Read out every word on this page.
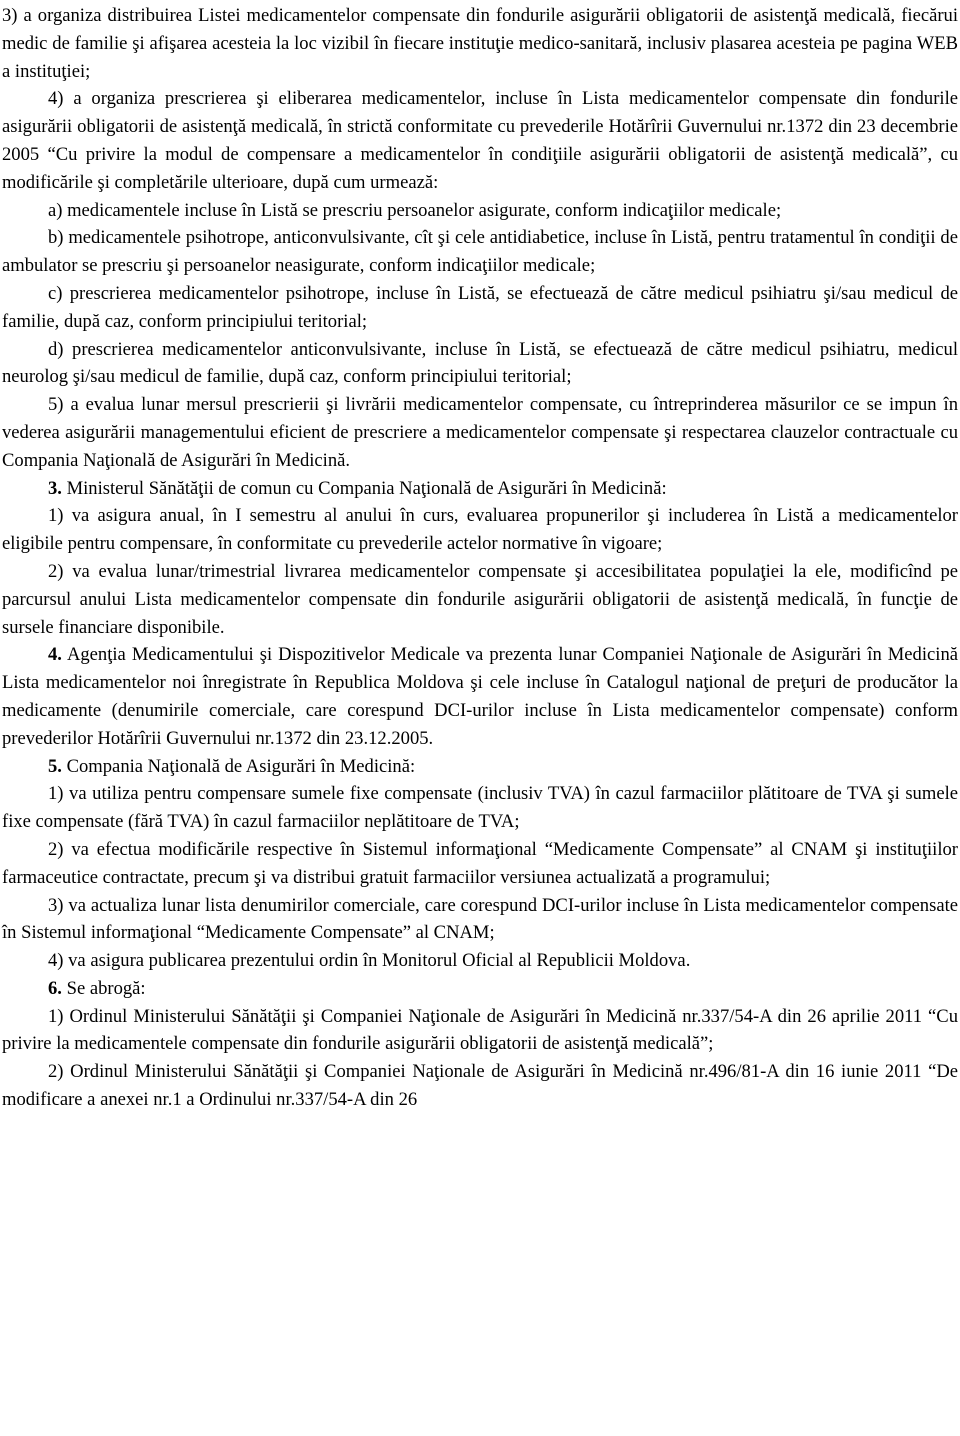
3) a organiza distribuirea Listei medicamentelor compensate din fondurile asigurării obligatorii de asistenţă medicală, fiecărui medic de familie şi afişarea acesteia la loc vizibil în fiecare instituţie medico-sanitară, inclusiv plasarea acesteia pe pagina WEB a instituţiei;

4) a organiza prescrierea şi eliberarea medicamentelor, incluse în Lista medicamentelor compensate din fondurile asigurării obligatorii de asistenţă medicală, în strictă conformitate cu prevederile Hotărîrii Guvernului nr.1372 din 23 decembrie 2005 “Cu privire la modul de compensare a medicamentelor în condiţiile asigurării obligatorii de asistenţă medicală”, cu modificările şi completările ulterioare, după cum urmează:

a) medicamentele incluse în Listă se prescriu persoanelor asigurate, conform indicaţiilor medicale;

b) medicamentele psihotrope, anticonvulsivante, cît şi cele antidiabetice, incluse în Listă, pentru tratamentul în condiţii de ambulator se prescriu şi persoanelor neasigurate, conform indicaţiilor medicale;

c) prescrierea medicamentelor psihotrope, incluse în Listă, se efectuează de către medicul psihiatru şi/sau medicul de familie, după caz, conform principiului teritorial;

d) prescrierea medicamentelor anticonvulsivante, incluse în Listă, se efectuează de către medicul psihiatru, medicul neurolog şi/sau medicul de familie, după caz, conform principiului teritorial;

5) a evalua lunar mersul prescrierii şi livrării medicamentelor compensate, cu întreprinderea măsurilor ce se impun în vederea asigurării managementului eficient de prescriere a medicamentelor compensate şi respectarea clauzelor contractuale cu Compania Naţională de Asigurări în Medicină.

3. Ministerul Sănătăţii de comun cu Compania Naţională de Asigurări în Medicină:

1) va asigura anual, în I semestru al anului în curs, evaluarea propunerilor şi includerea în Listă a medicamentelor eligibile pentru compensare, în conformitate cu prevederile actelor normative în vigoare;

2) va evalua lunar/trimestrial livrarea medicamentelor compensate şi accesibilitatea populaţiei la ele, modificînd pe parcursul anului Lista medicamentelor compensate din fondurile asigurării obligatorii de asistenţă medicală, în funcţie de sursele financiare disponibile.

4. Agenţia Medicamentului şi Dispozitivelor Medicale va prezenta lunar Companiei Naţionale de Asigurări în Medicină Lista medicamentelor noi înregistrate în Republica Moldova şi cele incluse în Catalogul naţional de preţuri de producător la medicamente (denumirile comerciale, care corespund DCI-urilor incluse în Lista medicamentelor compensate) conform prevederilor Hotărîrii Guvernului nr.1372 din 23.12.2005.

5. Compania Naţională de Asigurări în Medicină:

1) va utiliza pentru compensare sumele fixe compensate (inclusiv TVA) în cazul farmaciilor plătitoare de TVA şi sumele fixe compensate (fără TVA) în cazul farmaciilor neplătitoare de TVA;

2) va efectua modificările respective în Sistemul informaţional “Medicamente Compensate” al CNAM şi instituţiilor farmaceutice contractate, precum şi va distribui gratuit farmaciilor versiunea actualizată a programului;

3) va actualiza lunar lista denumirilor comerciale, care corespund DCI-urilor incluse în Lista medicamentelor compensate în Sistemul informaţional “Medicamente Compensate” al CNAM;

4) va asigura publicarea prezentului ordin în Monitorul Oficial al Republicii Moldova.

6. Se abrogă:

1) Ordinul Ministerului Sănătăţii şi Companiei Naţionale de Asigurări în Medicină nr.337/54-A din 26 aprilie 2011 “Cu privire la medicamentele compensate din fondurile asigurării obligatorii de asistenţă medicală”;

2) Ordinul Ministerului Sănătăţii şi Companiei Naţionale de Asigurări în Medicină nr.496/81-A din 16 iunie 2011 “De modificare a anexei nr.1 a Ordinului nr.337/54-A din 26
